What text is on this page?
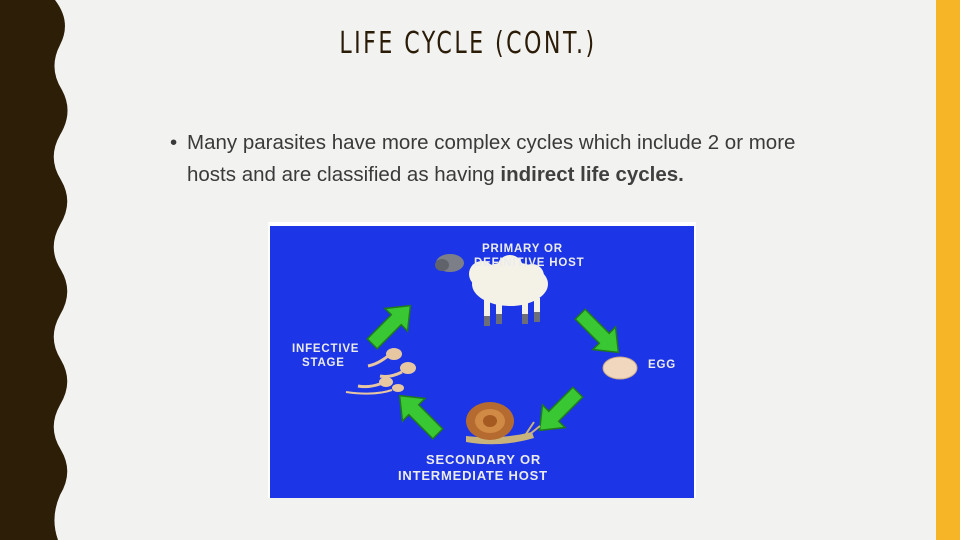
LIFE CYCLE (CONT.)
• Many parasites have more complex cycles which include 2 or more hosts and are classified as having indirect life cycles.
PRIMARY OR
DEFINITIVE HOST
EGG
SECONDARY OR
INTERMEDIATE HOST
INFECTIVE
STAGE
